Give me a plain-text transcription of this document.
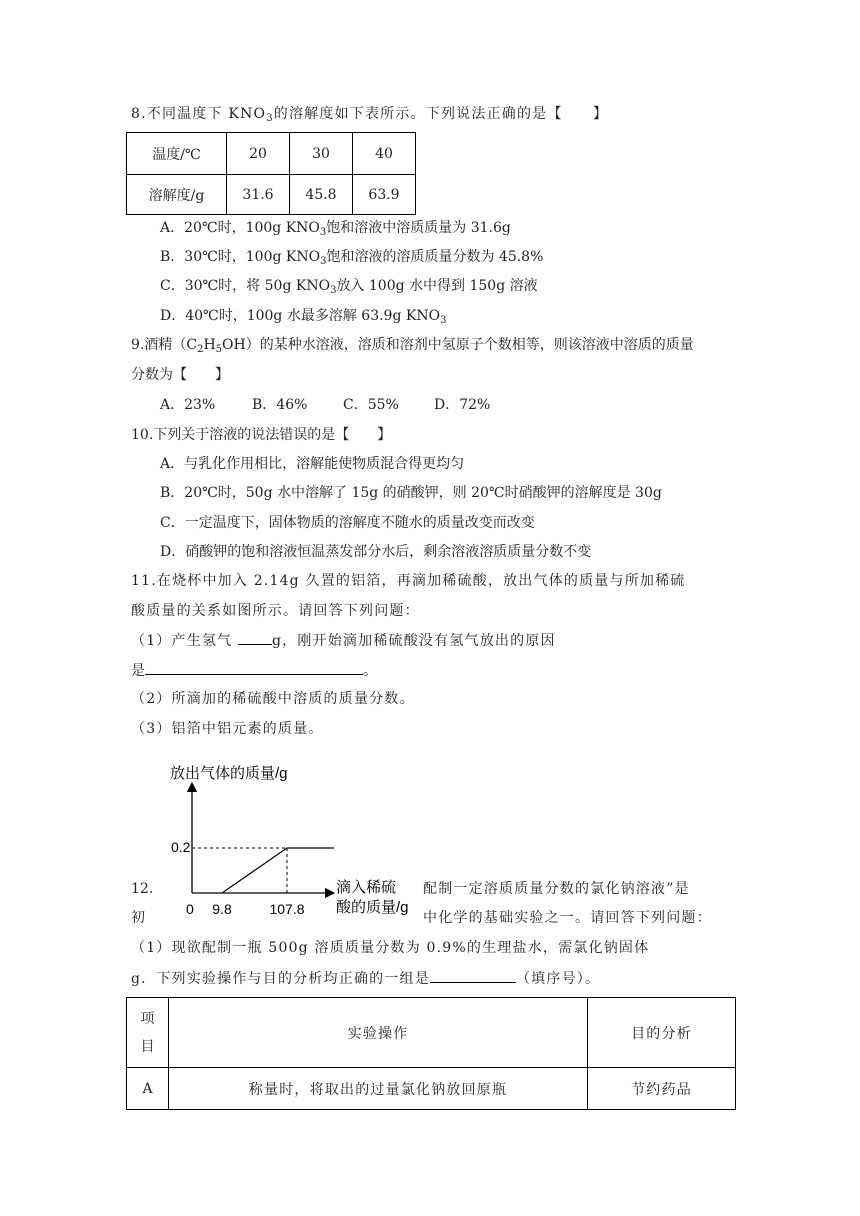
8.不同温度下 $KNO_3$的溶解度如下表所示。下列说法正确的是【　　】
温度/℃	20	30	40
溶解度/g	31.6	45.8	63.9
A．20℃时，100g $KNO_3$饱和溶液中溶质质量为 31.6g
B．30℃时，100g $KNO_3$饱和溶液的溶质质量分数为 45.8%
C．30℃时，将 50g $KNO_3$放入 100g 水中得到 150g 溶液
D．40℃时，100g 水最多溶解 63.9g $KNO_3$
9.酒精$(C_2H_5OH)$的某种水溶液，溶质和溶剂中氢原子个数相等，则该溶液中溶质的质量
分数为【　　】
A．23%	B．46%	C．55%	D．72%
10.下列关于溶液的说法错误的是【　　】
A．与乳化作用相比，溶解能使物质混合得更均匀
B．20℃时，50g 水中溶解了 15g 的硝酸钾，则 20℃时硝酸钾的溶解度是 30g
C．一定温度下，固体物质的溶解度不随水的质量改变而改变
D．硝酸钾的饱和溶液恒温蒸发部分水后，剩余溶液溶质质量分数不变
11.在烧杯中加入 2.14g 久置的铝箔，再滴加稀硫酸，放出气体的质量与所加稀硫
酸质量的关系如图所示。请回答下列问题：
（1）产生氢气	g，刚开始滴加稀硫酸没有氢气放出的原因
是	。
（2）所滴加的稀硫酸中溶质的质量分数。
（3）铝箔中铝元素的质量。
放出气体的质量/g
0.2
0 9.8	107.8
滴入稀硫
酸的质量/g
12.	配制一定溶质质量分数的氯化钠溶液”是
初	中化学的基础实验之一。请回答下列问题：
（1）现欲配制一瓶 500g 溶质质量分数为 0.9%的生理盐水，需氯化钠固体
g．下列实验操作与目的分析均正确的一组是	（填序号）。
项
目	实验操作	目的分析
A	称量时，将取出的过量氯化钠放回原瓶	节约药品
